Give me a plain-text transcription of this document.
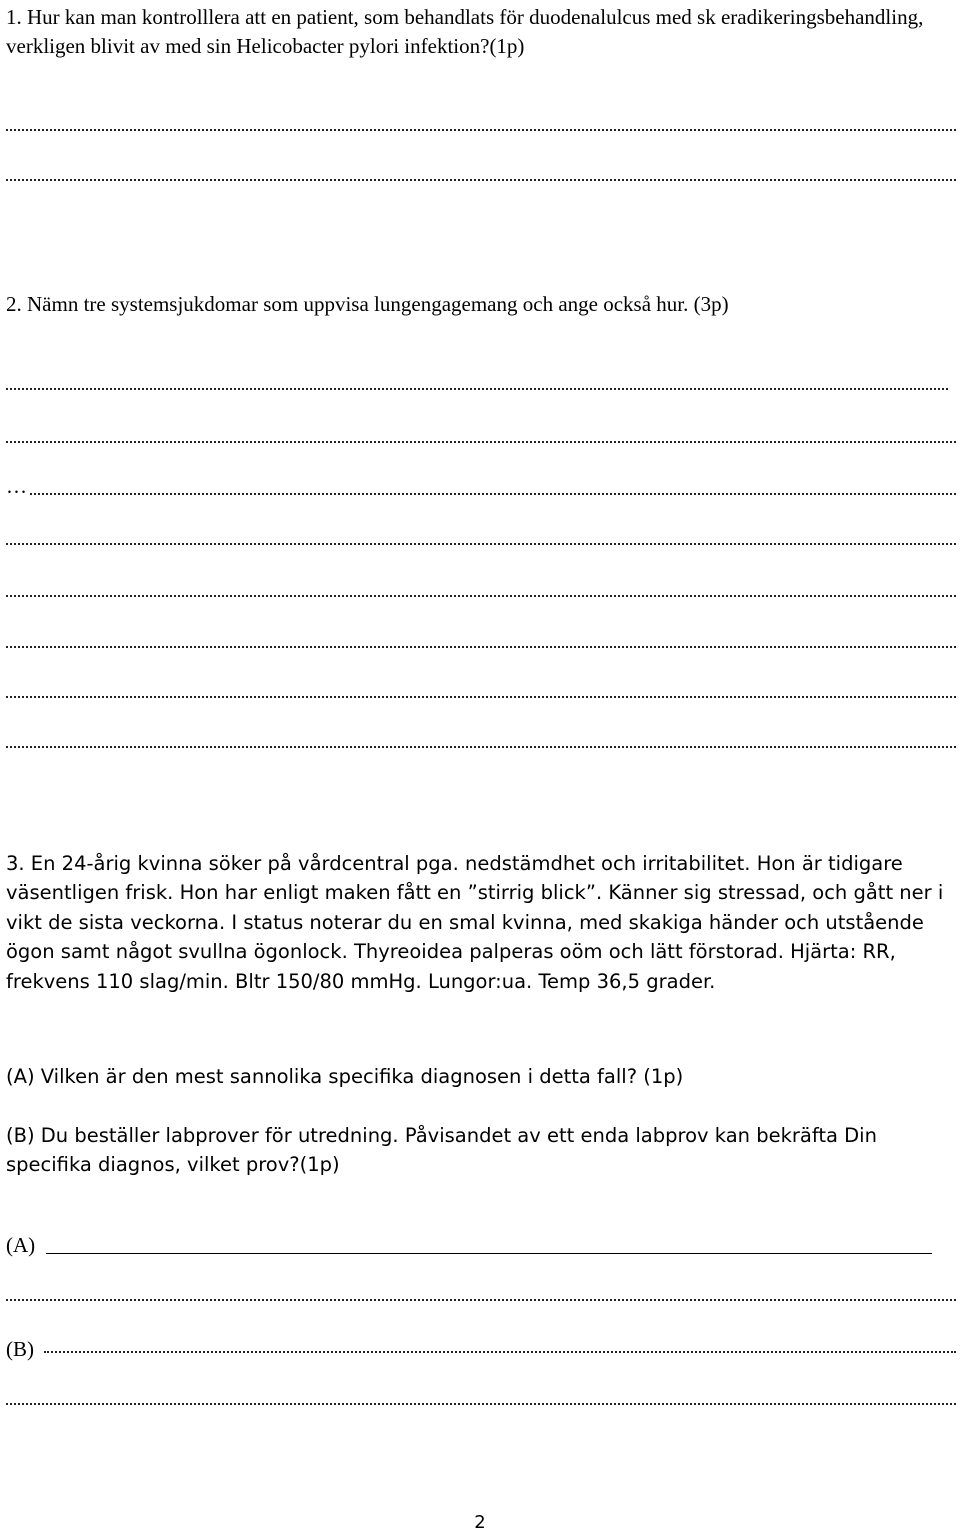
1. Hur kan man kontrolllera att en patient, som behandlats för duodenalulcus med sk eradikeringsbehandling, verkligen blivit av med sin Helicobacter pylori infektion?(1p)

2. Nämn tre systemsjukdomar som uppvisa lungengagemang och ange också hur. (3p)

…

3. En 24-årig kvinna söker på vårdcentral pga. nedstämdhet och irritabilitet. Hon är tidigare väsentligen frisk. Hon har enligt maken fått en ”stirrig blick”. Känner sig stressad, och gått ner i vikt de sista veckorna. I status noterar du en smal kvinna, med skakiga händer och utstående ögon samt något svullna ögonlock. Thyreoidea palperas oöm och lätt förstorad. Hjärta: RR, frekvens 110 slag/min. Bltr 150/80 mmHg. Lungor:ua. Temp 36,5 grader.

(A) Vilken är den mest sannolika specifika diagnosen i detta fall? (1p)

(B) Du beställer labprover för utredning. Påvisandet av ett enda labprov kan bekräfta Din specifika diagnos, vilket prov?(1p)

(A)
(B)
2
